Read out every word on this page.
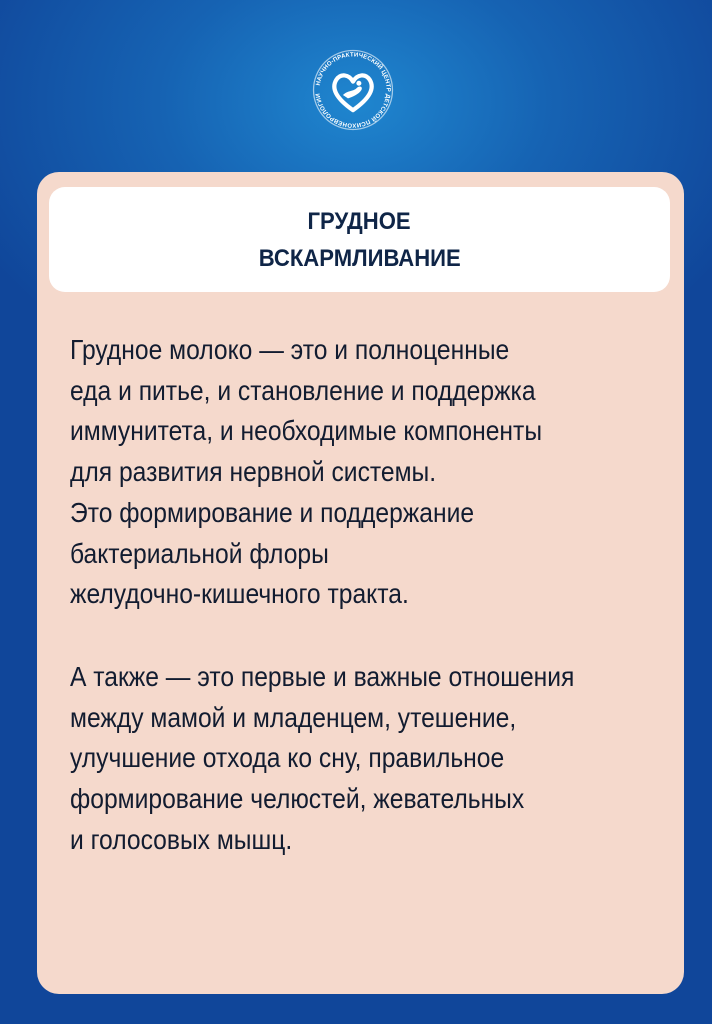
НАУЧНО-ПРАКТИЧЕСКИЙ ЦЕНТР ДЕТСКОЙ ПСИХОНЕВРОЛОГИИ
ГРУДНОЕ
ВСКАРМЛИВАНИЕ
Грудное молоко — это и полноценные
еда и питье, и становление и поддержка
иммунитета, и необходимые компоненты
для развития нервной системы.
Это формирование и поддержание
бактериальной флоры
желудочно-кишечного тракта.
А также — это первые и важные отношения
между мамой и младенцем, утешение,
улучшение отхода ко сну, правильное
формирование челюстей, жевательных
и голосовых мышц.
